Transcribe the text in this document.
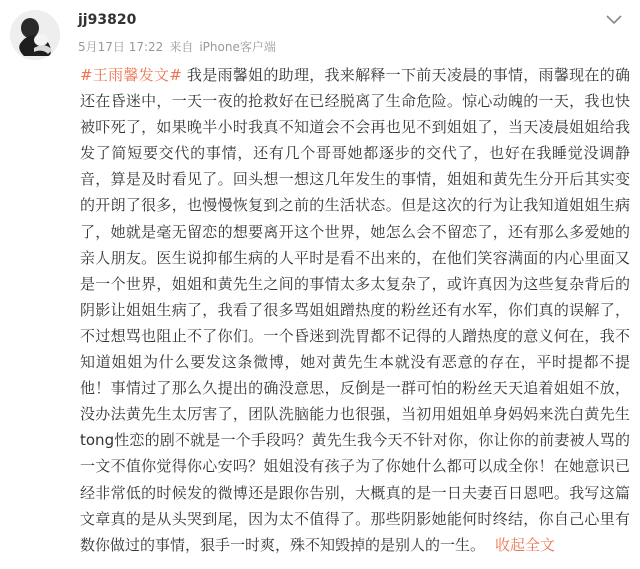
jj93820
5月17日 17:22 来自 iPhone客户端
#王雨馨发文# 我是雨馨姐的助理，我来解释一下前天凌晨的事情，雨馨现在的确还在昏迷中，一天一夜的抢救好在已经脱离了生命危险。惊心动魄的一天，我也快被吓死了，如果晚半小时我真不知道会不会再也见不到姐姐了，当天凌晨姐姐给我发了简短要交代的事情，还有几个哥哥她都逐步的交代了，也好在我睡觉没调静音，算是及时看见了。回头想一想这几年发生的事情，姐姐和黄先生分开后其实变的开朗了很多，也慢慢恢复到之前的生活状态。但是这次的行为让我知道姐姐生病了，她就是毫无留恋的想要离开这个世界，她怎么会不留恋了，还有那么多爱她的亲人朋友。医生说抑郁生病的人平时是看不出来的，在他们笑容满面的内心里面又是一个世界，姐姐和黄先生之间的事情太多太复杂了，或许真因为这些复杂背后的阴影让姐姐生病了，我看了很多骂姐姐蹭热度的粉丝还有水军，你们真的误解了，不过想骂也阻止不了你们。一个昏迷到洗胃都不记得的人蹭热度的意义何在，我不知道姐姐为什么要发这条微博，她对黄先生本就没有恶意的存在，平时提都不提他！事情过了那么久提出的确没意思，反倒是一群可怕的粉丝天天追着姐姐不放，没办法黄先生太厉害了，团队洗脑能力也很强，当初用姐姐单身妈妈来洗白黄先生tong性恋的剧不就是一个手段吗？黄先生我今天不针对你，你让你的前妻被人骂的一文不值你觉得你心安吗？姐姐没有孩子为了你她什么都可以成全你！在她意识已经非常低的时候发的微博还是跟你告别，大概真的是一日夫妻百日恩吧。我写这篇文章真的是从头哭到尾，因为太不值得了。那些阴影她能何时终结，你自己心里有数你做过的事情，狠手一时爽，殊不知毁掉的是别人的一生。 收起全文
